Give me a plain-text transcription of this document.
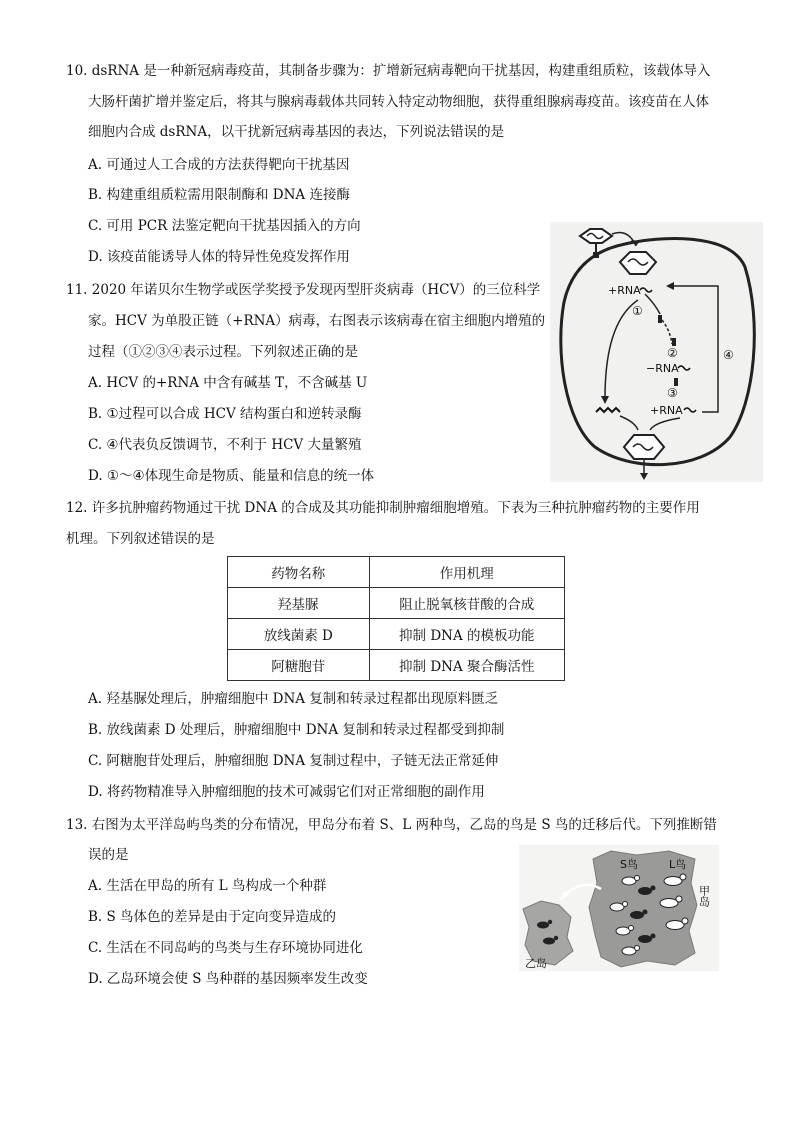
10. dsRNA 是一种新冠病毒疫苗，其制备步骤为：扩增新冠病毒靶向干扰基因，构建重组质粒，该载体导入
大肠杆菌扩增并鉴定后，将其与腺病毒载体共同转入特定动物细胞，获得重组腺病毒疫苗。该疫苗在人体
细胞内合成 dsRNA，以干扰新冠病毒基因的表达，下列说法错误的是
A. 可通过人工合成的方法获得靶向干扰基因
B. 构建重组质粒需用限制酶和 DNA 连接酶
C. 可用 PCR 法鉴定靶向干扰基因插入的方向
D. 该疫苗能诱导人体的特异性免疫发挥作用
11. 2020 年诺贝尔生物学或医学奖授予发现丙型肝炎病毒（HCV）的三位科学
家。HCV 为单股正链（+RNA）病毒，右图表示该病毒在宿主细胞内增殖的
过程（①②③④表示过程。下列叙述正确的是
A. HCV 的+RNA 中含有碱基 T，不含碱基 U
B. ①过程可以合成 HCV 结构蛋白和逆转录酶
C. ④代表负反馈调节，不利于 HCV 大量繁殖
D. ①～④体现生命是物质、能量和信息的统一体
+RNA
①
②
−RNA
③
+RNA
④
12. 许多抗肿瘤药物通过干扰 DNA 的合成及其功能抑制肿瘤细胞增殖。下表为三种抗肿瘤药物的主要作用
机理。下列叙述错误的是
药物名称	作用机理
羟基脲	阻止脱氧核苷酸的合成
放线菌素 D	抑制 DNA 的模板功能
阿糖胞苷	抑制 DNA 聚合酶活性
A. 羟基脲处理后，肿瘤细胞中 DNA 复制和转录过程都出现原料匮乏
B. 放线菌素 D 处理后，肿瘤细胞中 DNA 复制和转录过程都受到抑制
C. 阿糖胞苷处理后，肿瘤细胞 DNA 复制过程中，子链无法正常延伸
D. 将药物精准导入肿瘤细胞的技术可减弱它们对正常细胞的副作用
13. 右图为太平洋岛屿鸟类的分布情况，甲岛分布着 S、L 两种鸟，乙岛的鸟是 S 鸟的迁移后代。下列推断错
误的是
A. 生活在甲岛的所有 L 鸟构成一个种群
B. S 鸟体色的差异是由于定向变异造成的
C. 生活在不同岛屿的鸟类与生存环境协同进化
D. 乙岛环境会使 S 鸟种群的基因频率发生改变
S鸟	L鸟
甲岛
乙岛
